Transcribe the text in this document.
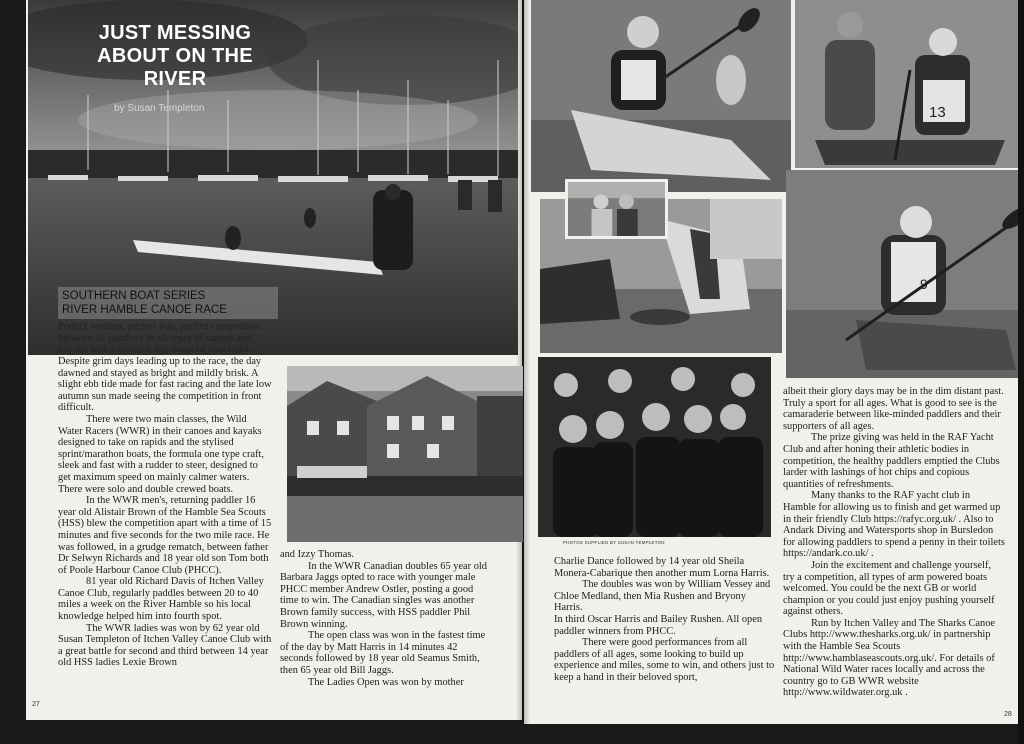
JUST MESSING
ABOUT ON THE
RIVER
by Susan Templeton
SOUTHERN BOAT SERIES
RIVER HAMBLE CANOE RACE
Perfect weather, perfect tide, perfect competition between 34 paddlers in all types of canoes and kayaks with a massive age range of nine to 81.

Despite grim days leading up to the race, the day dawned and stayed as bright and mildly brisk. A slight ebb tide made for fast racing and the late low autumn sun made seeing the competition in front difficult.

There were two main classes, the Wild Water Racers (WWR) in their canoes and kayaks designed to take on rapids and the stylised sprint/marathon boats, the formula one type craft, sleek and fast with a rudder to steer, designed to get maximum speed on mainly calmer waters. There were solo and double crewed boats.

In the WWR men's, returning paddler 16 year old Alistair Brown of the Hamble Sea Scouts (HSS) blew the competition apart with a time of 15 minutes and five seconds for the two mile race. He was followed, in a grudge rematch, between father Dr Selwyn Richards and 18 year old son Tom both of Poole Harbour Canoe Club (PHCC).

81 year old Richard Davis of Itchen Valley Canoe Club, regularly paddles between 20 to 40 miles a week on the River Hamble so his local knowledge helped him into fourth spot.

The WWR ladies was won by 62 year old Susan Templeton of Itchen Valley Canoe Club with a great battle for second and third between 14 year old HSS ladies Lexie Brown

and Izzy Thomas.

In the WWR Canadian doubles 65 year old Barbara Jaggs opted to race with younger male PHCC member Andrew Ostler, posting a good time to win. The Canadian singles was another Brown family success, with HSS paddler Phil Brown winning.

The open class was won in the fastest time of the day by Matt Harris in 14 minutes 42 seconds followed by 18 year old Seamus Smith, then 65 year old Bill Jaggs.

The Ladies Open was won by mother

27
13
9
PHOTOS SUPPLIED BY SUSAN TEMPLETON

Charlie Dance followed by 14 year old Sheila Monera-Cabarique then another mum Lorna Harris.

The doubles was won by William Vessey and Chloe Medland, then Mia Rushen and Bryony Harris.

In third Oscar Harris and Bailey Rushen. All open paddler winners from PHCC.

There were good performances from all paddlers of all ages, some looking to build up experience and miles, some to win, and others just to keep a hand in their beloved sport,

albeit their glory days may be in the dim distant past. Truly a sport for all ages. What is good to see is the camaraderie between like-minded paddlers and their supporters of all ages.

The prize giving was held in the RAF Yacht Club and after honing their athletic bodies in competition, the healthy paddlers emptied the Clubs larder with lashings of hot chips and copious quantities of refreshments.

Many thanks to the RAF yacht club in Hamble for allowing us to finish and get warmed up in their friendly Club https://rafyc.org.uk/ . Also to Andark Diving and Watersports shop in Bursledon for allowing paddlers to spend a penny in their toilets https://andark.co.uk/ .

Join the excitement and challenge yourself, try a competition, all types of arm powered boats welcomed. You could be the next GB or world champion or you could just enjoy pushing yourself against others.

Run by Itchen Valley and The Sharks Canoe Clubs http://www.thesharks.org.uk/ in partnership with the Hamble Sea Scouts http://www.hamblaseascouts.org.uk/. For details of National Wild Water races locally and across the country go to GB WWR website http://www.wildwater.org.uk .

28
